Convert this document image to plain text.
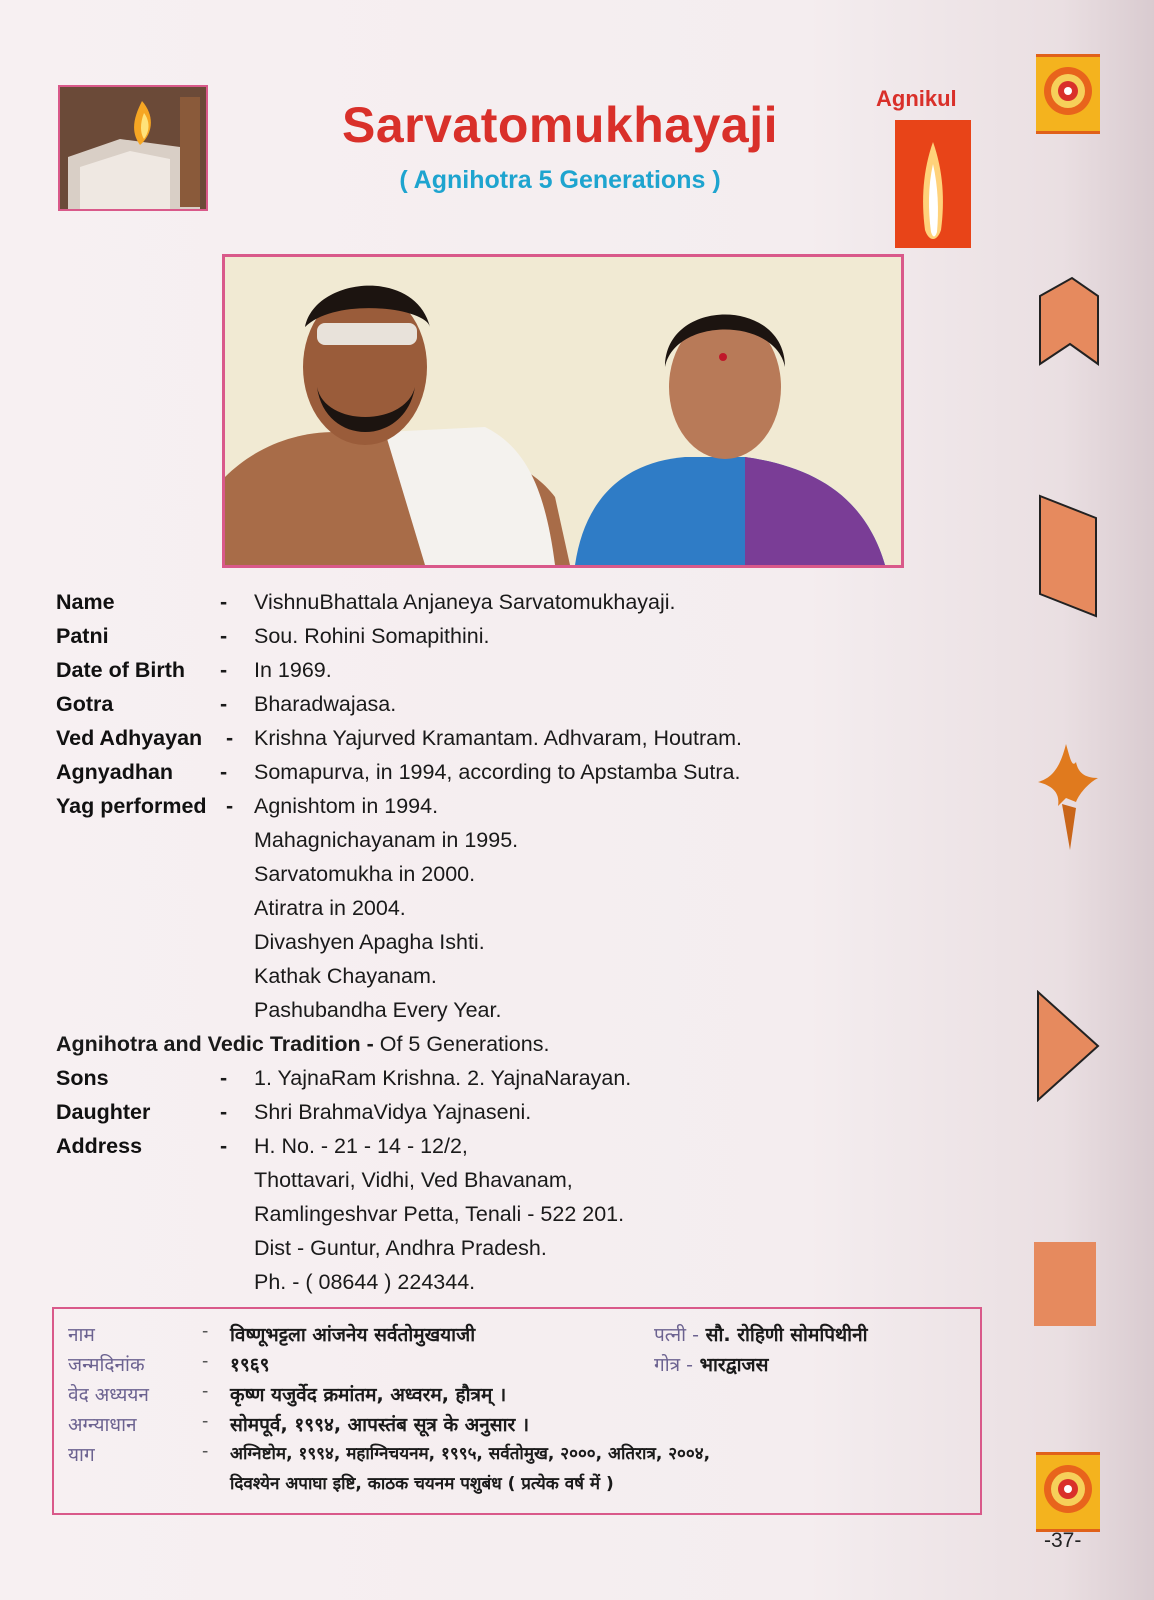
Sarvatomukhayaji
( Agnihotra 5 Generations )
Agnikul
Name	- VishnuBhattala Anjaneya Sarvatomukhayaji.
Patni	- Sou. Rohini Somapithini.
Date of Birth - In 1969.
Gotra	- Bharadwajasa.
Ved Adhyayan - Krishna Yajurved Kramantam. Adhvaram, Houtram.
Agnyadhan - Somapurva, in 1994, according to Apstamba Sutra.
Yag performed - Agnishtom in 1994.
Mahagnichayanam in 1995.
Sarvatomukha in 2000.
Atiratra in 2004.
Divashyen Apagha Ishti.
Kathak Chayanam.
Pashubandha Every Year.
Agnihotra and Vedic Tradition - Of 5 Generations.
Sons	- 1. YajnaRam Krishna. 2. YajnaNarayan.
Daughter	- Shri BrahmaVidya Yajnaseni.
Address	- H. No. - 21 - 14 - 12/2,
Thottavari, Vidhi, Ved Bhavanam,
Ramlingeshvar Petta, Tenali - 522 201.
Dist - Guntur, Andhra Pradesh.
Ph. - ( 08644 ) 224344.
नाम	- विष्णूभट्टला आंजनेय सर्वतोमुखयाजी
जन्मदिनांक	- १९६९
वेद अध्ययन	- कृष्ण यजुर्वेद क्रमांतम, अध्वरम, हौत्रम् ।
अग्न्याधान	- सोमपूर्व, १९९४, आपस्तंब सूत्र के अनुसार ।
याग	- अग्निष्टोम, १९९४, महाग्निचयनम, १९९५, सर्वतोमुख, २०००, अतिरात्र, २००४,
दिवश्येन अपाघा इष्टि, काठक चयनम पशुबंध ( प्रत्येक वर्ष में )
पत्नी - सौ. रोहिणी सोमपिथीनी
गोत्र - भारद्वाजस
-37-
